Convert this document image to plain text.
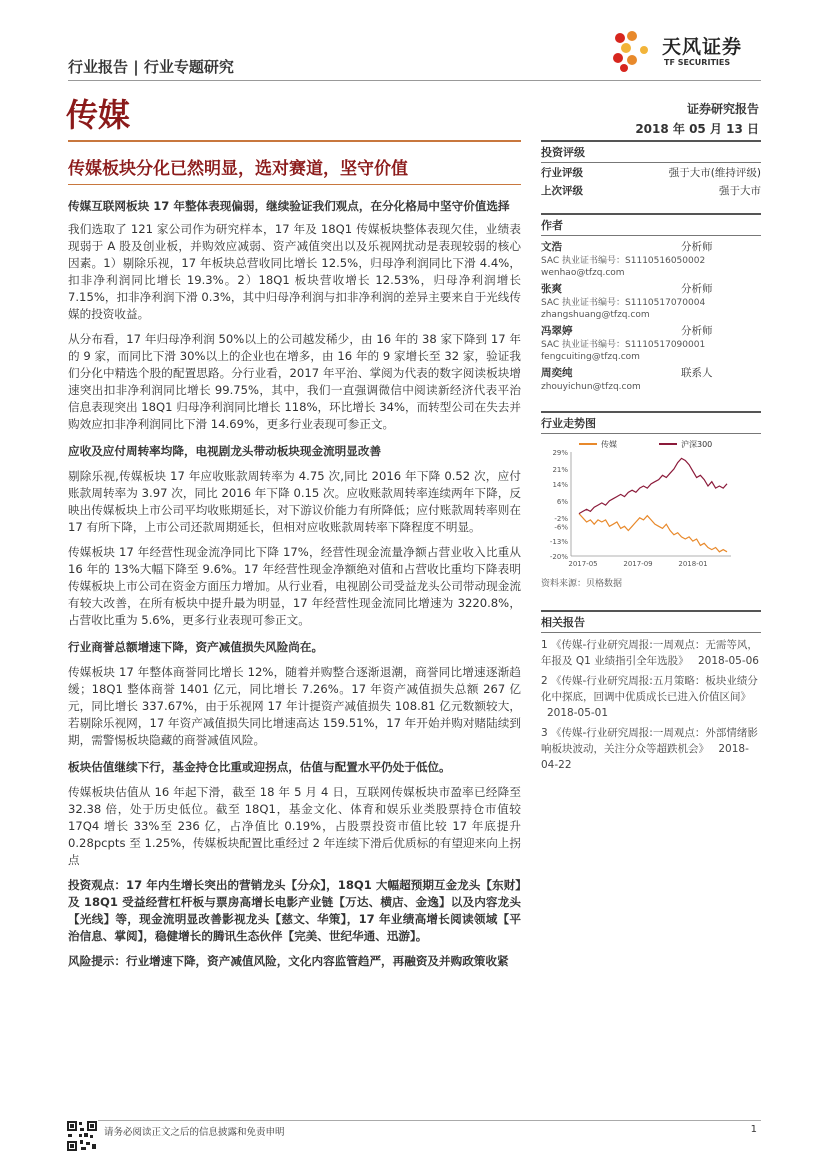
行业报告 | 行业专题研究
天风证券
TF SECURITIES
传媒	证券研究报告
2018 年 05 月 13 日
传媒板块分化已然明显，选对赛道，坚守价值

传媒互联网板块 17 年整体表现偏弱，继续验证我们观点，在分化格局中坚守价值选择

我们选取了 121 家公司作为研究样本，17 年及 18Q1 传媒板块整体表现欠佳，业绩表现弱于 A 股及创业板，并购效应减弱、资产减值突出以及乐视网扰动是表现较弱的核心因素。1）剔除乐视，17 年板块总营收同比增长 12.5%，归母净利润同比下滑 4.4%，扣非净利润同比增长 19.3%。2）18Q1 板块营收增长 12.53%，归母净利润增长 7.15%，扣非净利润下滑 0.3%，其中归母净利润与扣非净利润的差异主要来自于光线传媒的投资收益。

从分布看，17 年归母净利润 50%以上的公司越发稀少，由 16 年的 38 家下降到 17 年的 9 家，而同比下滑 30%以上的企业也在增多，由 16 年的 9 家增长至 32 家，验证我们分化中精选个股的配置思路。分行业看，2017 年平治、掌阅为代表的数字阅读板块增速突出扣非净利润同比增长 99.75%，其中，我们一直强调微信中阅读新经济代表平治信息表现突出 18Q1 归母净利润同比增长 118%，环比增长 34%，而转型公司在失去并购效应扣非净利润同比下滑 14.69%，更多行业表现可参正文。

应收及应付周转率均降，电视剧龙头带动板块现金流明显改善

剔除乐视,传媒板块 17 年应收账款周转率为 4.75 次,同比 2016 年下降 0.52 次，应付账款周转率为 3.97 次，同比 2016 年下降 0.15 次。应收账款周转率连续两年下降，反映出传媒板块上市公司平均收账期延长，对下游议价能力有所降低；应付账款周转率则在 17 有所下降，上市公司还款周期延长，但相对应收账款周转率下降程度不明显。

传媒板块 17 年经营性现金流净同比下降 17%，经营性现金流量净额占营业收入比重从 16 年的 13%大幅下降至 9.6%。17 年经营性现金净额绝对值和占营收比重均下降表明传媒板块上市公司在资金方面压力增加。从行业看，电视剧公司受益龙头公司带动现金流有较大改善，在所有板块中提升最为明显，17 年经营性现金流同比增速为 3220.8%，占营收比重为 5.6%，更多行业表现可参正文。

行业商誉总额增速下降，资产减值损失风险尚在。

传媒板块 17 年整体商誉同比增长 12%，随着并购整合逐渐退潮，商誉同比增速逐渐趋缓；18Q1 整体商誉 1401 亿元，同比增长 7.26%。17 年资产减值损失总额 267 亿元，同比增长 337.67%，由于乐视网 17 年计提资产减值损失 108.81 亿元数额较大，若剔除乐视网，17 年资产减值损失同比增速高达 159.51%，17 年开始并购对赌陆续到期，需警惕板块隐藏的商誉减值风险。

板块估值继续下行，基金持仓比重或迎拐点，估值与配置水平仍处于低位。

传媒板块估值从 16 年起下滑，截至 18 年 5 月 4 日，互联网传媒板块市盈率已经降至 32.38 倍，处于历史低位。截至 18Q1，基金文化、体育和娱乐业类股票持仓市值较 17Q4 增长 33%至 236 亿，占净值比 0.19%，占股票投资市值比较 17 年底提升 0.28pcpts 至 1.25%，传媒板块配置比重经过 2 年连续下滑后优质标的有望迎来向上拐点

投资观点：17 年内生增长突出的营销龙头【分众】，18Q1 大幅超预期互金龙头【东财】及 18Q1 受益经营杠杆板与票房高增长电影产业链【万达、横店、金逸】以及内容龙头【光线】等，现金流明显改善影视龙头【慈文、华策】，17 年业绩高增长阅读领域【平治信息、掌阅】，稳健增长的腾讯生态伙伴【完美、世纪华通、迅游】。

风险提示：行业增速下降，资产减值风险，文化内容监管趋严，再融资及并购政策收紧

投资评级
行业评级	强于大市(维持评级)
上次评级	强于大市
作者
文浩	分析师
SAC 执业证书编号：S1110516050002
wenhao@tfzq.com
张爽	分析师
SAC 执业证书编号：S1110517070004
zhangshuang@tfzq.com
冯翠婷	分析师
SAC 执业证书编号：S1110517090001
fengcuiting@tfzq.com
周奕纯	联系人
zhouyichun@tfzq.com
行业走势图
传媒	沪深300
29%
21%
14%
6%
-2%
-6%
-13%
-20%
2017-05	2017-09	2018-01
资料来源：贝格数据
相关报告
1 《传媒-行业研究周报:一周观点：无需等风，年报及 Q1 业绩指引全年选股》 2018-05-06
2 《传媒-行业研究周报:五月策略：板块业绩分化中探底，回调中优质成长已进入价值区间》 2018-05-01
3 《传媒-行业研究周报:一周观点：外部情绪影响板块波动，关注分众等超跌机会》 2018-04-22
请务必阅读正文之后的信息披露和免责申明	1
